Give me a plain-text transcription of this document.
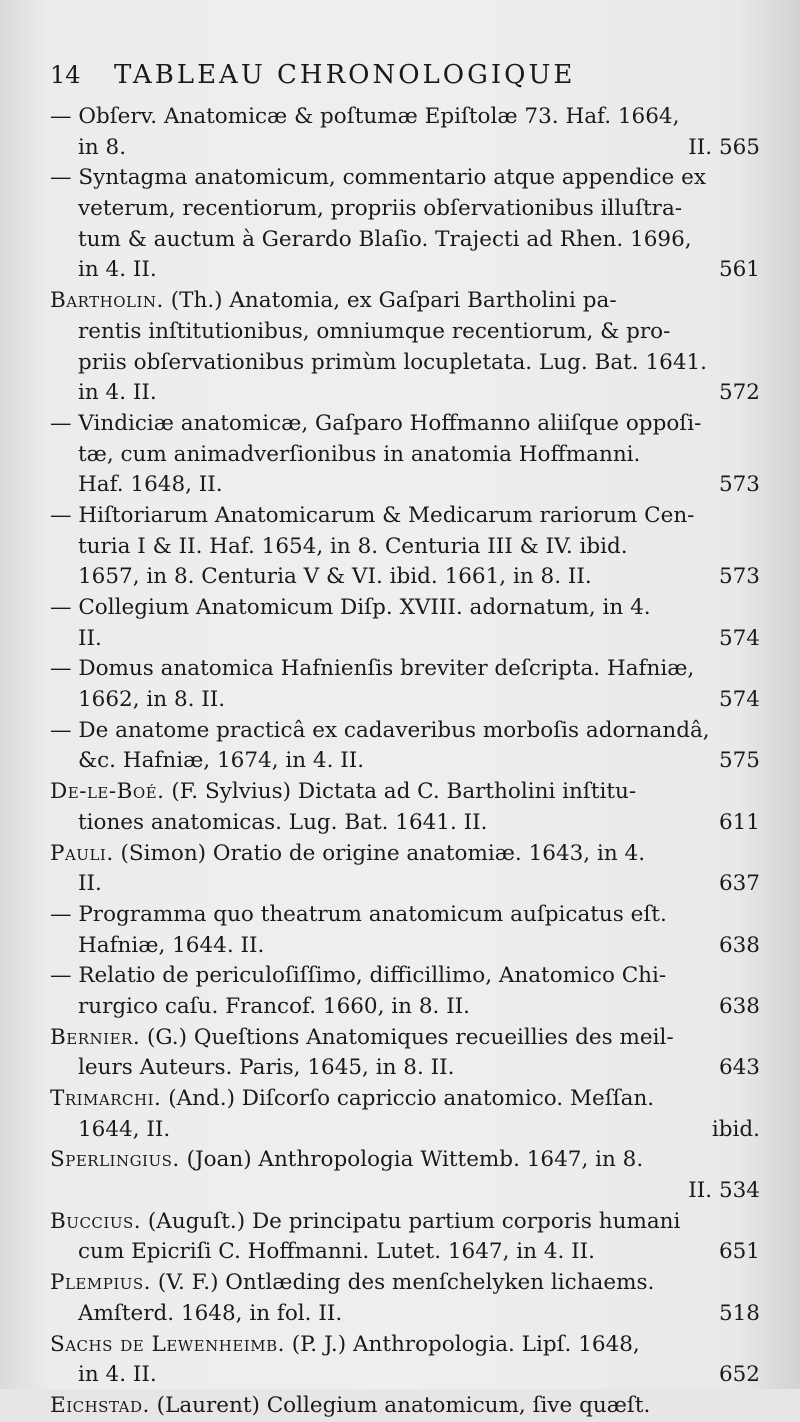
14	TABLEAU CHRONOLOGIQUE
— Obſerv. Anatomicæ & poſtumæ Epiſtolæ 73. Haf. 1664,
in 8.	II. 565
— Syntagma anatomicum, commentario atque appendice ex
veterum, recentiorum, propriis obſervationibus illuſtra-
tum & auctum à Gerardo Blaſio. Trajecti ad Rhen. 1696,
in 4. II.	561
Bartholin. (Th.) Anatomia, ex Gaſpari Bartholini pa-
rentis inſtitutionibus, omniumque recentiorum, & pro-
priis obſervationibus primùm locupletata. Lug. Bat. 1641.
in 4. II.	572
— Vindiciæ anatomicæ, Gaſparo Hoffmanno aliiſque oppoſi-
tæ, cum animadverſionibus in anatomia Hoffmanni.
Haf. 1648, II.	573
— Hiſtoriarum Anatomicarum & Medicarum rariorum Cen-
turia I & II. Haf. 1654, in 8. Centuria III & IV. ibid.
1657, in 8. Centuria V & VI. ibid. 1661, in 8. II.	573
— Collegium Anatomicum Diſp. XVIII. adornatum, in 4.
II.	574
— Domus anatomica Hafnienſis breviter deſcripta. Hafniæ,
1662, in 8. II.	574
— De anatome practicâ ex cadaveribus morboſis adornandâ,
&c. Hafniæ, 1674, in 4. II.	575
De-le-Boé. (F. Sylvius) Dictata ad C. Bartholini inſtitu-
tiones anatomicas. Lug. Bat. 1641. II.	611
Pauli. (Simon) Oratio de origine anatomiæ. 1643, in 4.
II.	637
— Programma quo theatrum anatomicum auſpicatus eſt.
Hafniæ, 1644. II.	638
— Relatio de periculoſiſſimo, difficillimo, Anatomico Chi-
rurgico caſu. Francof. 1660, in 8. II.	638
Bernier. (G.) Queſtions Anatomiques recueillies des meil-
leurs Auteurs. Paris, 1645, in 8. II.	643
Trimarchi. (And.) Diſcorſo capriccio anatomico. Meſſan.
1644, II.	ibid.
Sperlingius. (Joan) Anthropologia Wittemb. 1647, in 8.
II. 534
Buccius. (Auguſt.) De principatu partium corporis humani
cum Epicriſi C. Hoffmanni. Lutet. 1647, in 4. II.	651
Plempius. (V. F.) Ontlæding des menſchelyken lichaems.
Amſterd. 1648, in fol. II.	518
Sachs de Lewenheimb. (P. J.) Anthropologia. Lipſ. 1648,
in 4. II.	652
Eichstad. (Laurent) Collegium anatomicum, ſive quæſt.
